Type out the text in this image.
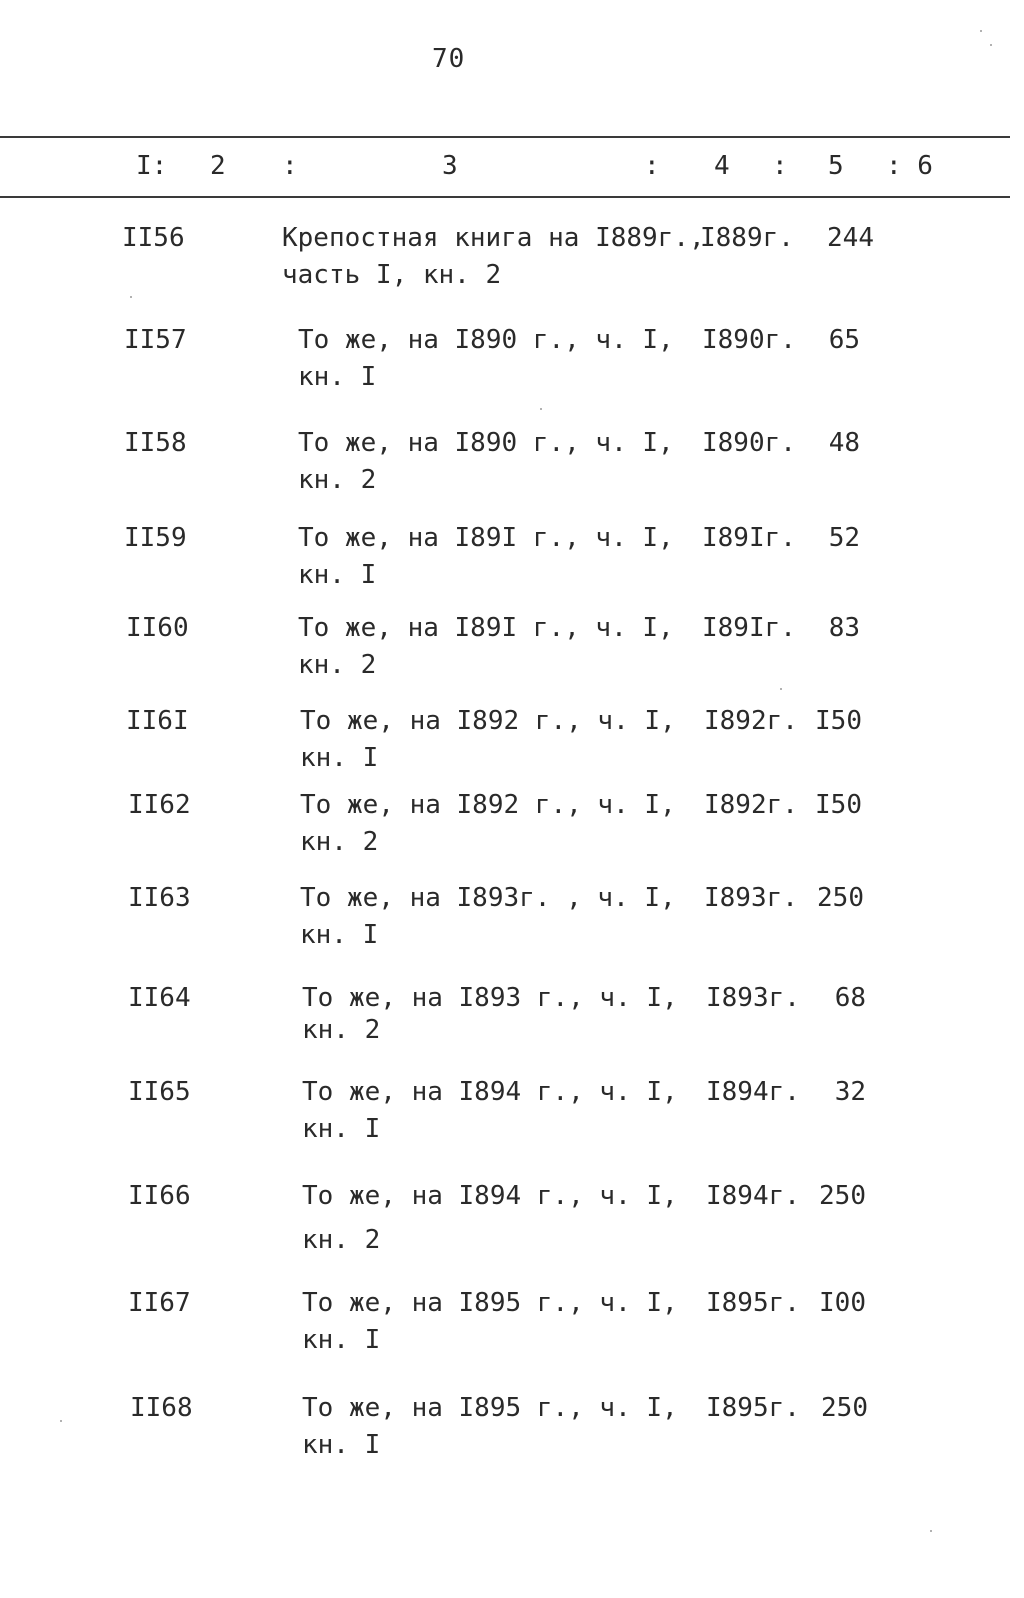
70
I: 2 :	3	: 4 : 5 : 6
II56	Крепостная книга на I889г.,
часть I, кн. 2
I889г.	244
II57	То же, на I890 г., ч. I,
кн. I
I890г.	65
II58	То же, на I890 г., ч. I,
кн. 2
I890г.	48
II59	То же, на I89I г., ч. I,
кн. I
I89Iг.	52
II60	То же, на I89I г., ч. I,
кн. 2
I89Iг.	83
II6I	То же, на I892 г., ч. I,
кн. I
I892г. I50
II62	То же, на I892 г., ч. I,
кн. 2
I892г. I50
II63	То же, на I893г. , ч. I,
кн. I
I893г. 250
II64	То же, на I893 г., ч. I,
кн. 2
I893г.	68
II65	То же, на I894 г., ч. I,
кн. I
I894г.	32
II66	То же, на I894 г., ч. I,
кн. 2
I894г. 250
II67	То же, на I895 г., ч. I,
кн. I
I895г. I00
II68	То же, на I895 г., ч. I,
кн. I
I895г. 250
